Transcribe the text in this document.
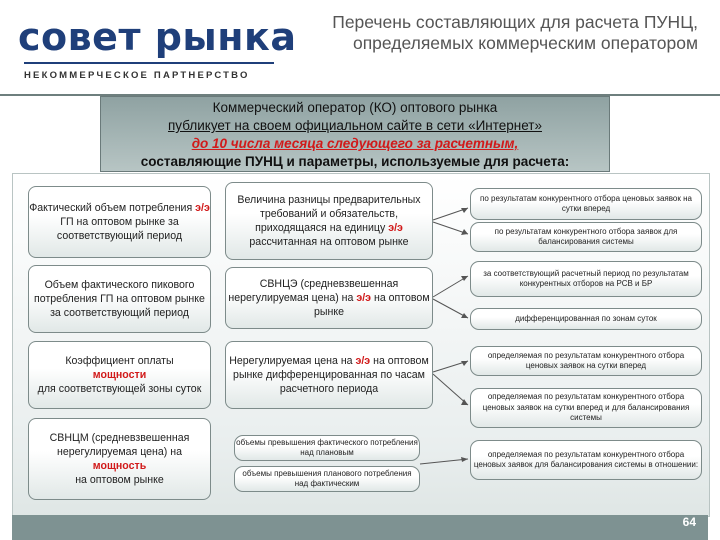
совет рынка
НЕКОММЕРЧЕСКОЕ ПАРТНЕРСТВО
Перечень составляющих для расчета ПУНЦ, определяемых коммерческим оператором
Коммерческий оператор (КО) оптового рынка
публикует на своем официальном сайте в сети «Интернет»
до 10 числа месяца следующего за расчетным,
составляющие ПУНЦ и параметры, используемые для расчета:
Фактический объем потребления э/э ГП на оптовом рынке за соответствующий период
Объем фактического пикового потребления ГП на оптовом рынке за соответствующий период
Коэффициент оплаты
мощности
для соответствующей зоны суток
СВНЦМ (средневзвешенная нерегулируемая цена) на
мощность
на оптовом рынке
Величина разницы предварительных требований и обязательств, приходящаяся на единицу э/э рассчитанная на оптовом рынке
СВНЦЭ (средневзвешенная нерегулируемая цена) на э/э на оптовом рынке
Нерегулируемая цена на э/э на оптовом рынке дифференцированная по часам расчетного периода
объемы превышения фактического потребления над плановым
объемы превышения планового потребления над фактическим
по результатам конкурентного отбора ценовых заявок на сутки вперед
по результатам конкурентного отбора заявок для балансирования системы
за соответствующий расчетный период по результатам конкурентных отборов на РСВ и БР
дифференцированная по зонам суток
определяемая по результатам конкурентного отбора ценовых заявок на сутки вперед
определяемая по результатам конкурентного отбора ценовых заявок на сутки вперед и для балансирования системы
определяемая по результатам конкурентного отбора ценовых заявок для балансирования системы в отношении:
64
